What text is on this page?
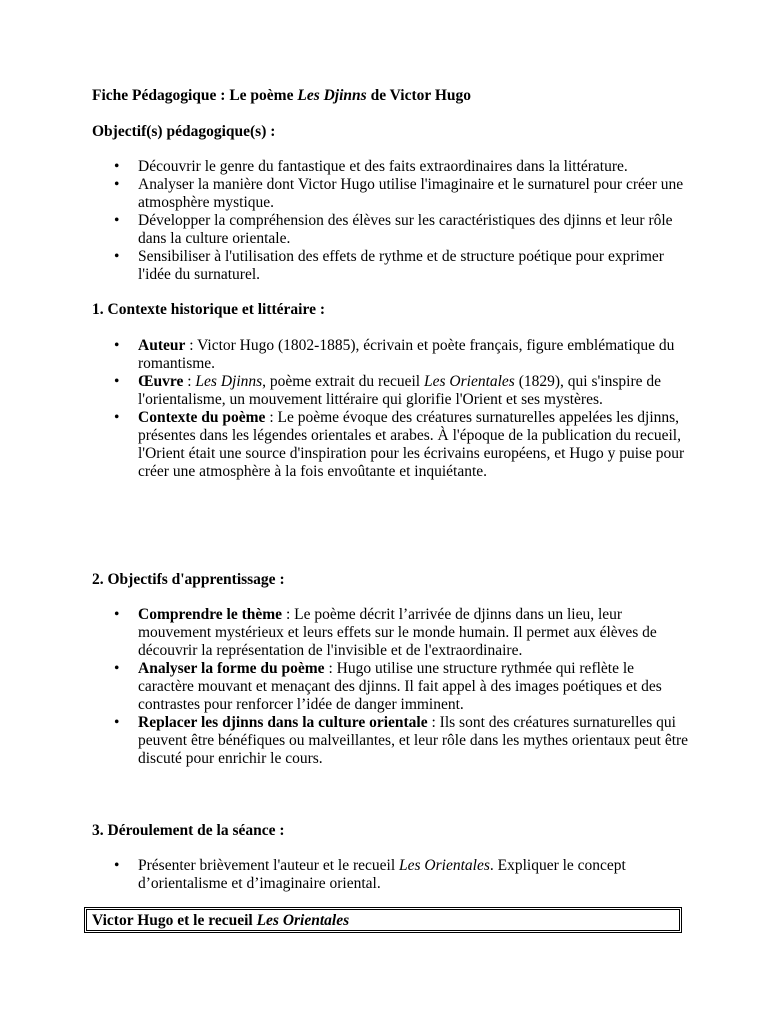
Fiche Pédagogique : Le poème Les Djinns de Victor Hugo
Objectif(s) pédagogique(s) :
• Découvrir le genre du fantastique et des faits extraordinaires dans la littérature.
• Analyser la manière dont Victor Hugo utilise l'imaginaire et le surnaturel pour créer une atmosphère mystique.
• Développer la compréhension des élèves sur les caractéristiques des djinns et leur rôle dans la culture orientale.
• Sensibiliser à l'utilisation des effets de rythme et de structure poétique pour exprimer l'idée du surnaturel.
1. Contexte historique et littéraire :
• Auteur : Victor Hugo (1802-1885), écrivain et poète français, figure emblématique du romantisme.
• Œuvre : Les Djinns, poème extrait du recueil Les Orientales (1829), qui s'inspire de l'orientalisme, un mouvement littéraire qui glorifie l'Orient et ses mystères.
• Contexte du poème : Le poème évoque des créatures surnaturelles appelées les djinns, présentes dans les légendes orientales et arabes. À l'époque de la publication du recueil, l'Orient était une source d'inspiration pour les écrivains européens, et Hugo y puise pour créer une atmosphère à la fois envoûtante et inquiétante.
2. Objectifs d'apprentissage :
• Comprendre le thème : Le poème décrit l’arrivée de djinns dans un lieu, leur mouvement mystérieux et leurs effets sur le monde humain. Il permet aux élèves de découvrir la représentation de l'invisible et de l'extraordinaire.
• Analyser la forme du poème : Hugo utilise une structure rythmée qui reflète le caractère mouvant et menaçant des djinns. Il fait appel à des images poétiques et des contrastes pour renforcer l’idée de danger imminent.
• Replacer les djinns dans la culture orientale : Ils sont des créatures surnaturelles qui peuvent être bénéfiques ou malveillantes, et leur rôle dans les mythes orientaux peut être discuté pour enrichir le cours.
3. Déroulement de la séance :
• Présenter brièvement l'auteur et le recueil Les Orientales. Expliquer le concept d’orientalisme et d’imaginaire oriental.
Victor Hugo et le recueil Les Orientales
